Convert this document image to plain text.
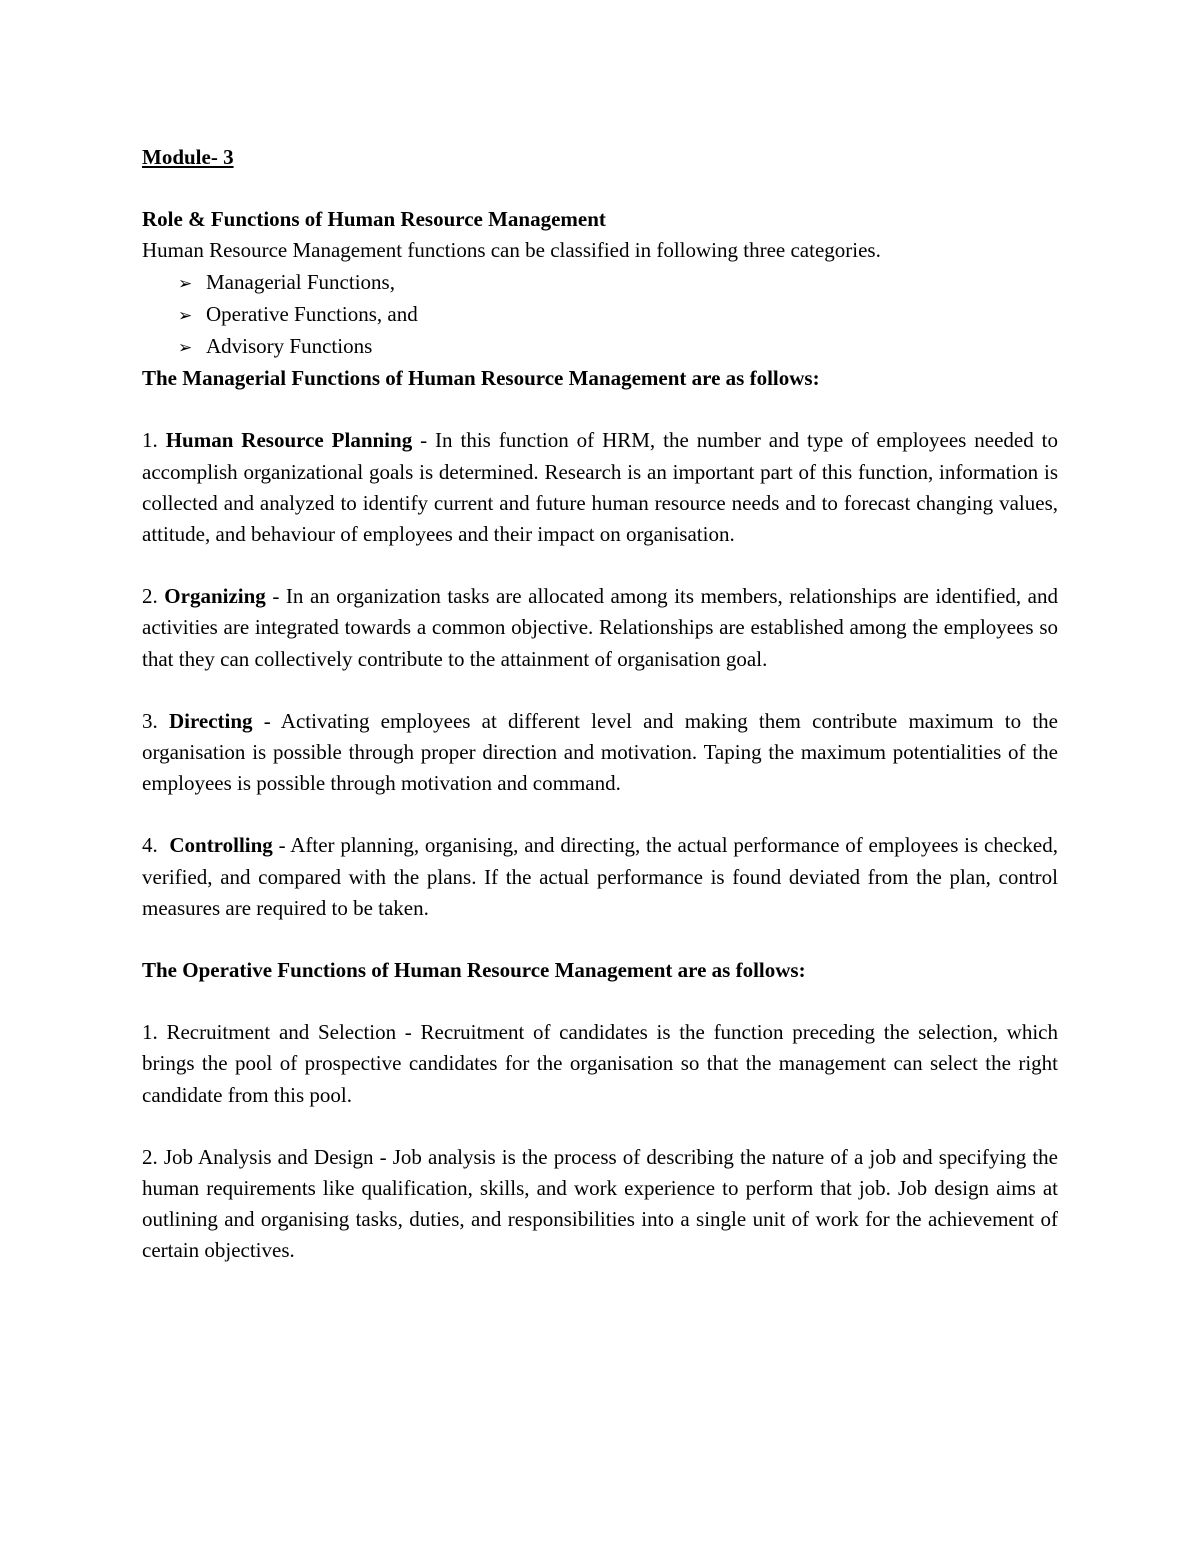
Module- 3

Role & Functions of Human Resource Management

Human Resource Management functions can be classified in following three categories.

➢ Managerial Functions,
➢ Operative Functions, and
➢ Advisory Functions

The Managerial Functions of Human Resource Management are as follows:

1. Human Resource Planning - In this function of HRM, the number and type of employees needed to accomplish organizational goals is determined. Research is an important part of this function, information is collected and analyzed to identify current and future human resource needs and to forecast changing values, attitude, and behaviour of employees and their impact on organisation.

2. Organizing - In an organization tasks are allocated among its members, relationships are identified, and activities are integrated towards a common objective. Relationships are established among the employees so that they can collectively contribute to the attainment of organisation goal.

3. Directing - Activating employees at different level and making them contribute maximum to the organisation is possible through proper direction and motivation. Taping the maximum potentialities of the employees is possible through motivation and command.

4. Controlling - After planning, organising, and directing, the actual performance of employees is checked, verified, and compared with the plans. If the actual performance is found deviated from the plan, control measures are required to be taken.

The Operative Functions of Human Resource Management are as follows:

1. Recruitment and Selection - Recruitment of candidates is the function preceding the selection, which brings the pool of prospective candidates for the organisation so that the management can select the right candidate from this pool.

2. Job Analysis and Design - Job analysis is the process of describing the nature of a job and specifying the human requirements like qualification, skills, and work experience to perform that job. Job design aims at outlining and organising tasks, duties, and responsibilities into a single unit of work for the achievement of certain objectives.
